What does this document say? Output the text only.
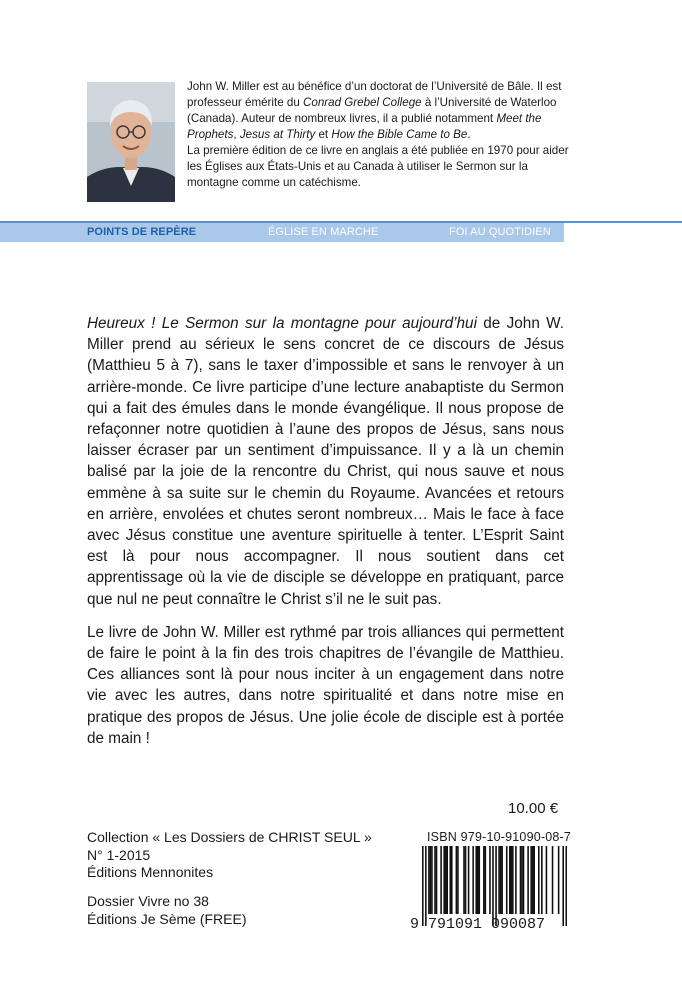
John W. Miller est au bénéfice d’un doctorat de l’Université de Bâle. Il est professeur émérite du Conrad Grebel College à l’Université de Waterloo (Canada). Auteur de nombreux livres, il a publié notamment Meet the Prophets, Jesus at Thirty et How the Bible Came to Be.

La première édition de ce livre en anglais a été publiée en 1970 pour aider les Églises aux États-Unis et au Canada à utiliser le Sermon sur la montagne comme un catéchisme.

POINTS DE REPÈRE	ÉGLISE EN MARCHE	FOI AU QUOTIDIEN

Heureux ! Le Sermon sur la montagne pour aujourd’hui de John W. Miller prend au sérieux le sens concret de ce discours de Jésus (Matthieu 5 à 7), sans le taxer d’impossible et sans le renvoyer à un arrière-monde. Ce livre participe d’une lecture anabaptiste du Sermon qui a fait des émules dans le monde évangélique. Il nous propose de refaçonner notre quotidien à l’aune des propos de Jésus, sans nous laisser écraser par un sentiment d’impuissance. Il y a là un chemin balisé par la joie de la rencontre du Christ, qui nous sauve et nous emmène à sa suite sur le chemin du Royaume. Avancées et retours en arrière, envolées et chutes seront nombreux… Mais le face à face avec Jésus constitue une aventure spirituelle à tenter. L’Esprit Saint est là pour nous accompagner. Il nous soutient dans cet apprentissage où la vie de disciple se développe en pratiquant, parce que nul ne peut connaître le Christ s’il ne le suit pas.

Le livre de John W. Miller est rythmé par trois alliances qui permettent de faire le point à la fin des trois chapitres de l’évangile de Matthieu. Ces alliances sont là pour nous inciter à un engagement dans notre vie avec les autres, dans notre spiritualité et dans notre mise en pratique des propos de Jésus. Une jolie école de disciple est à portée de main !

10.00 €
Collection « Les Dossiers de CHRIST SEUL »
N° 1-2015
Éditions Mennonites
Dossier Vivre no 38
Éditions Je Sème (FREE)
ISBN 979-10-91090-08-7
9 791091 090087
